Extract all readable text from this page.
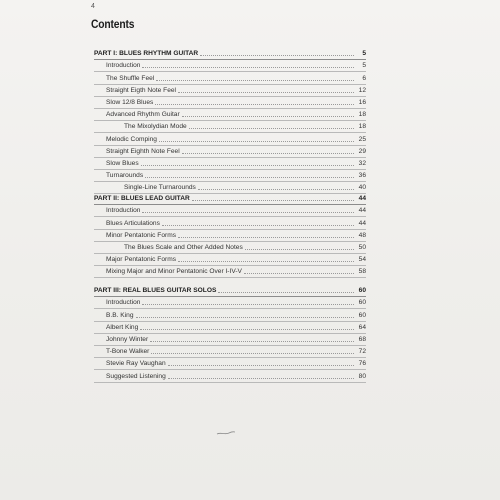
4
Contents
PART I: BLUES RHYTHM GUITAR	5
Introduction	5
The Shuffle Feel	6
Straight Eigth Note Feel	12
Slow 12/8 Blues	16
Advanced Rhythm Guitar	18
The Mixolydian Mode	18
Melodic Comping	25
Straight Eighth Note Feel	29
Slow Blues	32
Turnarounds	36
Single-Line Turnarounds	40
PART II: BLUES LEAD GUITAR	44
Introduction	44
Blues Articulations	44
Minor Pentatonic Forms	48
The Blues Scale and Other Added Notes	50
Major Pentatonic Forms	54
Mixing Major and Minor Pentatonic Over I-IV-V	58
PART III: REAL BLUES GUITAR SOLOS	60
Introduction	60
B.B. King	60
Albert King	64
Johnny Winter	68
T-Bone Walker	72
Stevie Ray Vaughan	76
Suggested Listening	80
